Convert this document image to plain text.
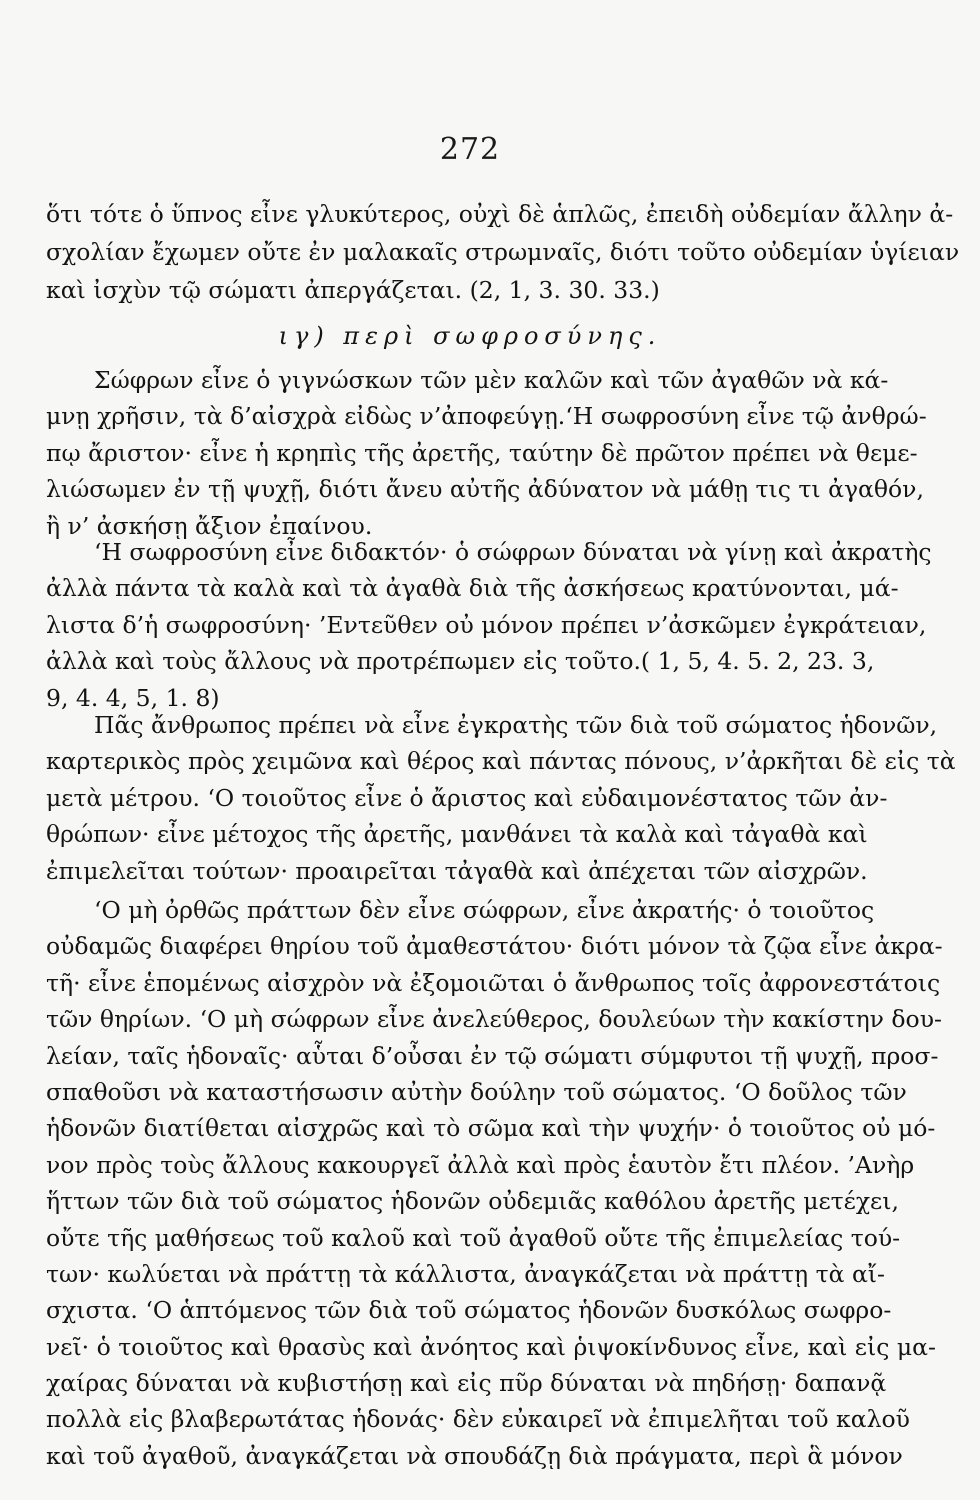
272
ὅτι τότε ὁ ὕπνος εἶνε γλυκύτερος, οὐχὶ δὲ ἁπλῶς, ἐπειδὴ οὐδεμίαν ἄλλην ἀ-
σχολίαν ἔχωμεν οὔτε ἐν μαλακαῖς στρωμναῖς, διότι τοῦτο οὐδεμίαν ὑγίειαν
καὶ ἰσχὺν τῷ σώματι ἀπεργάζεται. (2, 1, 3. 30. 33.)
ιγ) περὶ σωφροσύνης.
Σώφρων εἶνε ὁ γιγνώσκων τῶν μὲν καλῶν καὶ τῶν ἀγαθῶν νὰ κά-
μνῃ χρῆσιν, τὰ δ’αἰσχρὰ εἰδὼς ν’ἀποφεύγῃ.‘Η σωφροσύνη εἶνε τῷ ἀνθρώ-
πῳ ἄριστον· εἶνε ἡ κρηπὶς τῆς ἀρετῆς, ταύτην δὲ πρῶτον πρέπει νὰ θεμε-
λιώσωμεν ἐν τῇ ψυχῇ, διότι ἄνευ αὐτῆς ἀδύνατον νὰ μάθῃ τις τι ἀγαθόν,
ἢ ν’ ἀσκήσῃ ἄξιον ἐπαίνου.
‘Η σωφροσύνη εἶνε διδακτόν· ὁ σώφρων δύναται νὰ γίνῃ καὶ ἀκρατὴς
ἀλλὰ πάντα τὰ καλὰ καὶ τὰ ἀγαθὰ διὰ τῆς ἀσκήσεως κρατύνονται, μά-
λιστα δ’ἡ σωφροσύνη· ’Εντεῦθεν οὐ μόνον πρέπει ν’ἀσκῶμεν ἐγκράτειαν,
ἀλλὰ καὶ τοὺς ἄλλους νὰ προτρέπωμεν εἰς τοῦτο.( 1, 5, 4. 5. 2, 23. 3,
9, 4. 4, 5, 1. 8)
Πᾶς ἄνθρωπος πρέπει νὰ εἶνε ἐγκρατὴς τῶν διὰ τοῦ σώματος ἡδονῶν,
καρτερικὸς πρὸς χειμῶνα καὶ θέρος καὶ πάντας πόνους, ν’ἀρκῆται δὲ εἰς τὰ
μετὰ μέτρου. ‘Ο τοιοῦτος εἶνε ὁ ἄριστος καὶ εὐδαιμονέστατος τῶν ἀν-
θρώπων· εἶνε μέτοχος τῆς ἀρετῆς, μανθάνει τὰ καλὰ καὶ τἀγαθὰ καὶ
ἐπιμελεῖται τούτων· προαιρεῖται τἀγαθὰ καὶ ἀπέχεται τῶν αἰσχρῶν.
‘Ο μὴ ὀρθῶς πράττων δὲν εἶνε σώφρων, εἶνε ἀκρατής· ὁ τοιοῦτος
οὐδαμῶς διαφέρει θηρίου τοῦ ἀμαθεστάτου· διότι μόνον τὰ ζῷα εἶνε ἀκρα-
τῆ· εἶνε ἑπομένως αἰσχρὸν νὰ ἐξομοιῶται ὁ ἄνθρωπος τοῖς ἀφρονεστάτοις
τῶν θηρίων. ‘Ο μὴ σώφρων εἶνε ἀνελεύθερος, δουλεύων τὴν κακίστην δου-
λείαν, ταῖς ἡδοναῖς· αὗται δ’οὖσαι ἐν τῷ σώματι σύμφυτοι τῇ ψυχῇ, προσ-
σπαθοῦσι νὰ καταστήσωσιν αὐτὴν δούλην τοῦ σώματος. ‘Ο δοῦλος τῶν
ἡδονῶν διατίθεται αἰσχρῶς καὶ τὸ σῶμα καὶ τὴν ψυχήν· ὁ τοιοῦτος οὐ μό-
νον πρὸς τοὺς ἄλλους κακουργεῖ ἀλλὰ καὶ πρὸς ἑαυτὸν ἔτι πλέον. ’Ανὴρ
ἥττων τῶν διὰ τοῦ σώματος ἡδονῶν οὐδεμιᾶς καθόλου ἀρετῆς μετέχει,
οὔτε τῆς μαθήσεως τοῦ καλοῦ καὶ τοῦ ἀγαθοῦ οὔτε τῆς ἐπιμελείας τού-
των· κωλύεται νὰ πράττῃ τὰ κάλλιστα, ἀναγκάζεται νὰ πράττῃ τὰ αἴ-
σχιστα. ‘Ο ἁπτόμενος τῶν διὰ τοῦ σώματος ἡδονῶν δυσκόλως σωφρο-
νεῖ· ὁ τοιοῦτος καὶ θρασὺς καὶ ἀνόητος καὶ ῥιψοκίνδυνος εἶνε, καὶ εἰς μα-
χαίρας δύναται νὰ κυβιστήσῃ καὶ εἰς πῦρ δύναται νὰ πηδήσῃ· δαπανᾷ
πολλὰ εἰς βλαβερωτάτας ἡδονάς· δὲν εὐκαιρεῖ νὰ ἐπιμελῆται τοῦ καλοῦ
καὶ τοῦ ἀγαθοῦ, ἀναγκάζεται νὰ σπουδάζῃ διὰ πράγματα, περὶ ἃ μόνον
